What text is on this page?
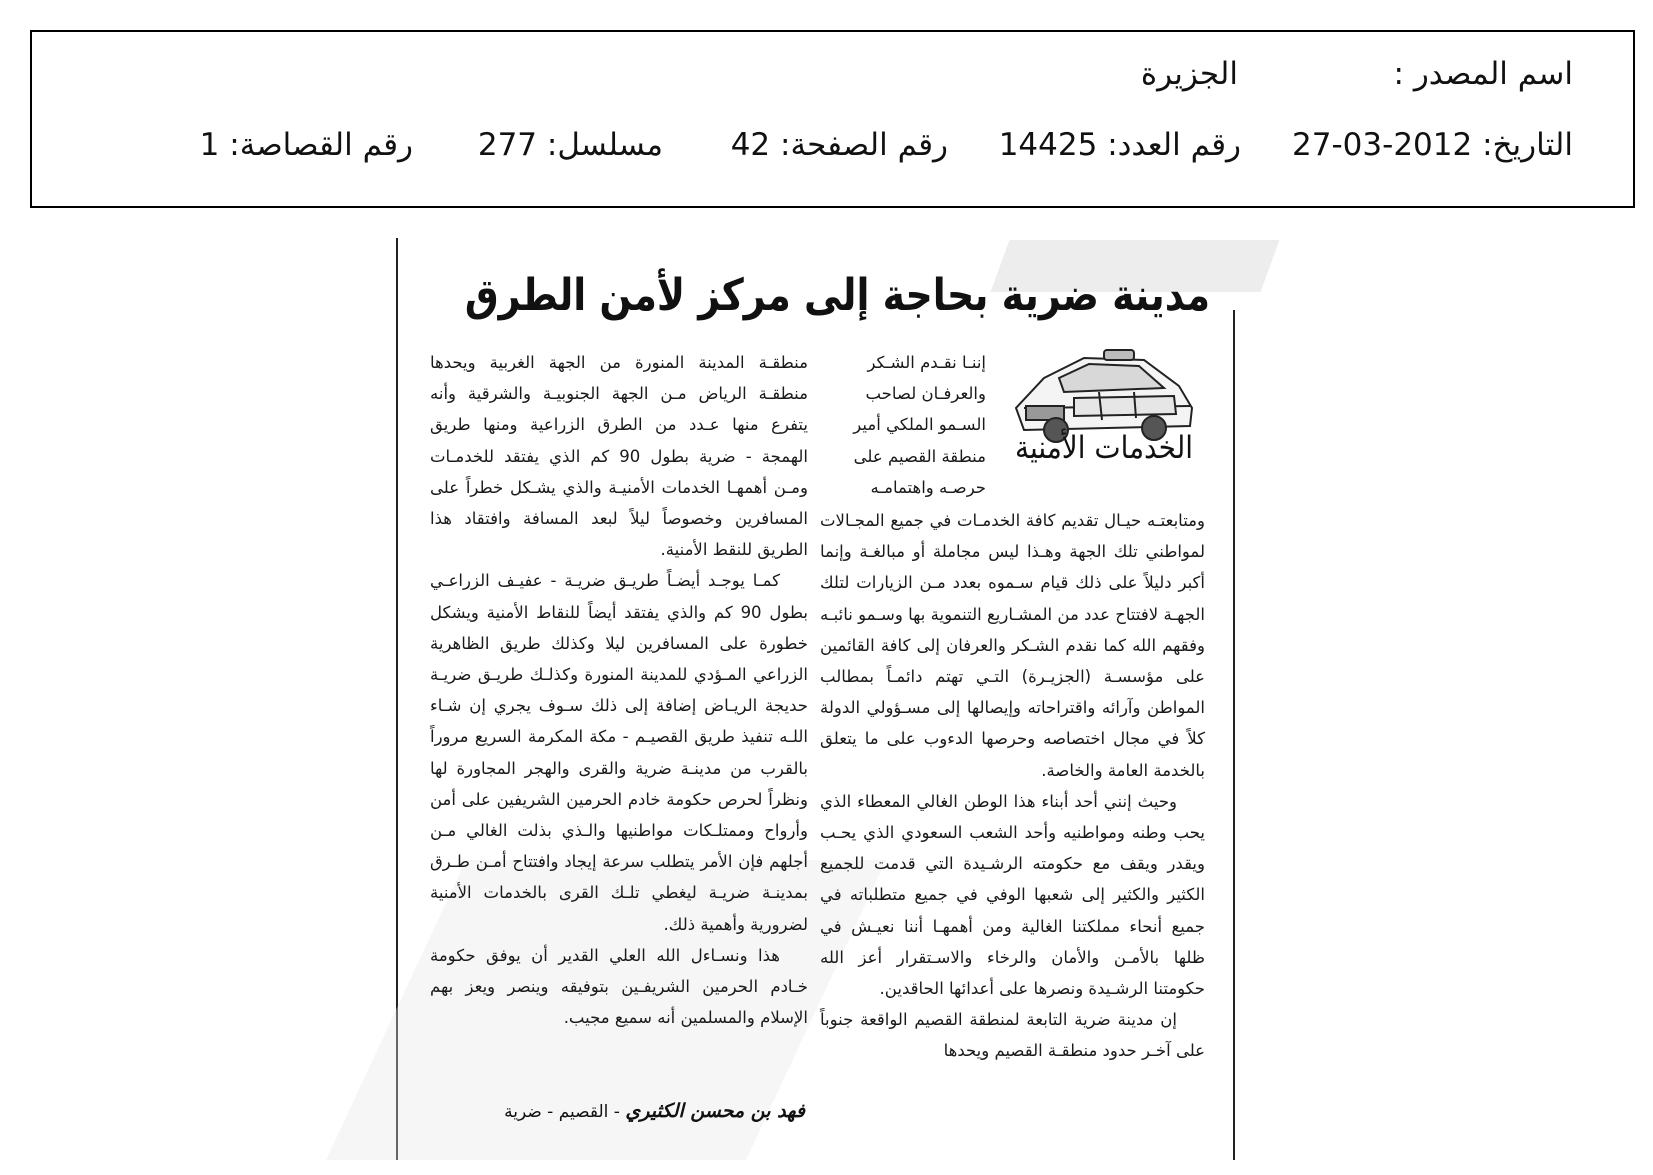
اسم المصدر :
الجزيرة
التاريخ: 2012-03-27
رقم العدد: 14425
رقم الصفحة: 42
مسلسل: 277
رقم القصاصة: 1
مدينة ضرية بحاجة إلى مركز لأمن الطرق
الخدمات الأمنية

إننـا نقـدم الشـكر

والعرفـان لصاحب

السـمو الملكي أمير

منطقة القصيم على

حرصـه واهتمامـه

ومتابعتـه حيـال تقديم كافة الخدمـات في جميع المجـالات لمواطني تلك الجهة وهـذا ليس مجاملة أو مبالغـة وإنما أكبر دليلاً على ذلك قيام سـموه بعدد مـن الزيارات لتلك الجهـة لافتتاح عدد من المشـاريع التنموية بها وسـمو نائبـه وفقهم الله كما نقدم الشـكر والعرفان إلى كافة القائمين على مؤسسـة (الجزيـرة) التـي تهتم دائمـاً بمطالب المواطن وآرائه واقتراحاته وإيصالها إلى مسـؤولي الدولة كلاً في مجال اختصاصه وحرصها الدءوب على ما يتعلق بالخدمة العامة والخاصة.

وحيث إنني أحد أبناء هذا الوطن الغالي المعطاء الذي يحب وطنه ومواطنيه وأحد الشعب السعودي الذي يحـب ويقدر ويقف مع حكومته الرشـيدة التي قدمت للجميع الكثير والكثير إلى شعبها الوفي في جميع متطلباته في جميع أنحاء مملكتنا الغالية ومن أهمهـا أننا نعيـش في ظلها بالأمـن والأمان والرخاء والاسـتقرار أعز الله حكومتنا الرشـيدة ونصرها على أعدائها الحاقدين.

إن مدينة ضرية التابعة لمنطقة القصيم الواقعة جنوباً على آخـر حدود منطقـة القصيم ويحدها

منطقـة المدينة المنورة من الجهة الغربية ويحدها منطقـة الرياض مـن الجهة الجنوبيـة والشرقية وأنه يتفرع منها عـدد من الطرق الزراعية ومنها طريق الهمجة - ضرية بطول 90 كم الذي يفتقد للخدمـات ومـن أهمهـا الخدمات الأمنيـة والذي يشـكل خطراً على المسافرين وخصوصاً ليلاً لبعد المسافة وافتقاد هذا الطريق للنقط الأمنية.

كمـا يوجـد أيضـاً طريـق ضريـة - عفيـف الزراعـي بطول 90 كم والذي يفتقد أيضاً للنقاط الأمنية ويشكل خطورة على المسافرين ليلا وكذلك طريق الظاهرية الزراعي المـؤدي للمدينة المنورة وكذلـك طريـق ضريـة حديجة الريـاض إضافة إلى ذلك سـوف يجري إن شـاء اللـه تنفيذ طريق القصيـم - مكة المكرمة السريع مروراً بالقرب من مدينـة ضرية والقرى والهجر المجاورة لها ونظراً لحرص حكومة خادم الحرمين الشريفين على أمن وأرواح وممتلـكات مواطنيها والـذي بذلت الغالي مـن أجلهم فإن الأمر يتطلب سرعة إيجاد وافتتاح أمـن طـرق بمدينـة ضريـة ليغطي تلـك القرى بالخدمات الأمنية لضرورية وأهمية ذلك.

هذا ونسـاءل الله العلي القدير أن يوفق حكومة خـادم الحرمين الشريفـين بتوفيقه وينصر ويعز بهم الإسلام والمسلمين أنه سميع مجيب.

فهد بن محسن الكثيري - القصيم - ضرية
